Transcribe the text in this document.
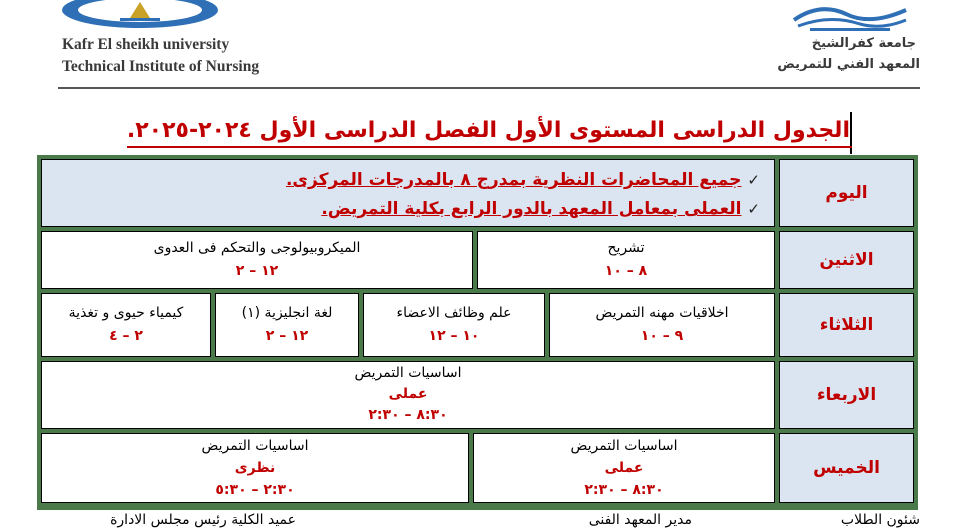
Kafr El sheikh university
Technical Institute of Nursing
جامعة كفرالشيخ
المعهد الفني للتمريض
الجدول الدراسى المستوى الأول الفصل الدراسى الأول ٢٠٢٤-٢٠٢٥.
اليوم
✓جميع المحاضرات النظرية بمدرج ٨ بالمدرجات المركزى.
✓العملى بمعامل المعهد بالدور الرابع بكلية التمريض.
الاثنين
تشريح
٨ – ١٠
الميكروبيولوجى والتحكم فى العدوى
١٢ – ٢
الثلاثاء
اخلاقيات مهنه التمريض
٩ – ١٠
علم وظائف الاعضاء
١٠ – ١٢
لغة انجليزية (١)
١٢ – ٢
كيمياء حيوى و تغذية
٢ – ٤
الاربعاء
اساسيات التمريض
عملى
٨:٣٠ – ٢:٣٠
الخميس
اساسيات التمريض
عملى
٨:٣٠ – ٢:٣٠
اساسيات التمريض
نظرى
٢:٣٠ – ٥:٣٠
شئون الطلاب
مدير المعهد الفنى
عميد الكلية رئيس مجلس الادارة
